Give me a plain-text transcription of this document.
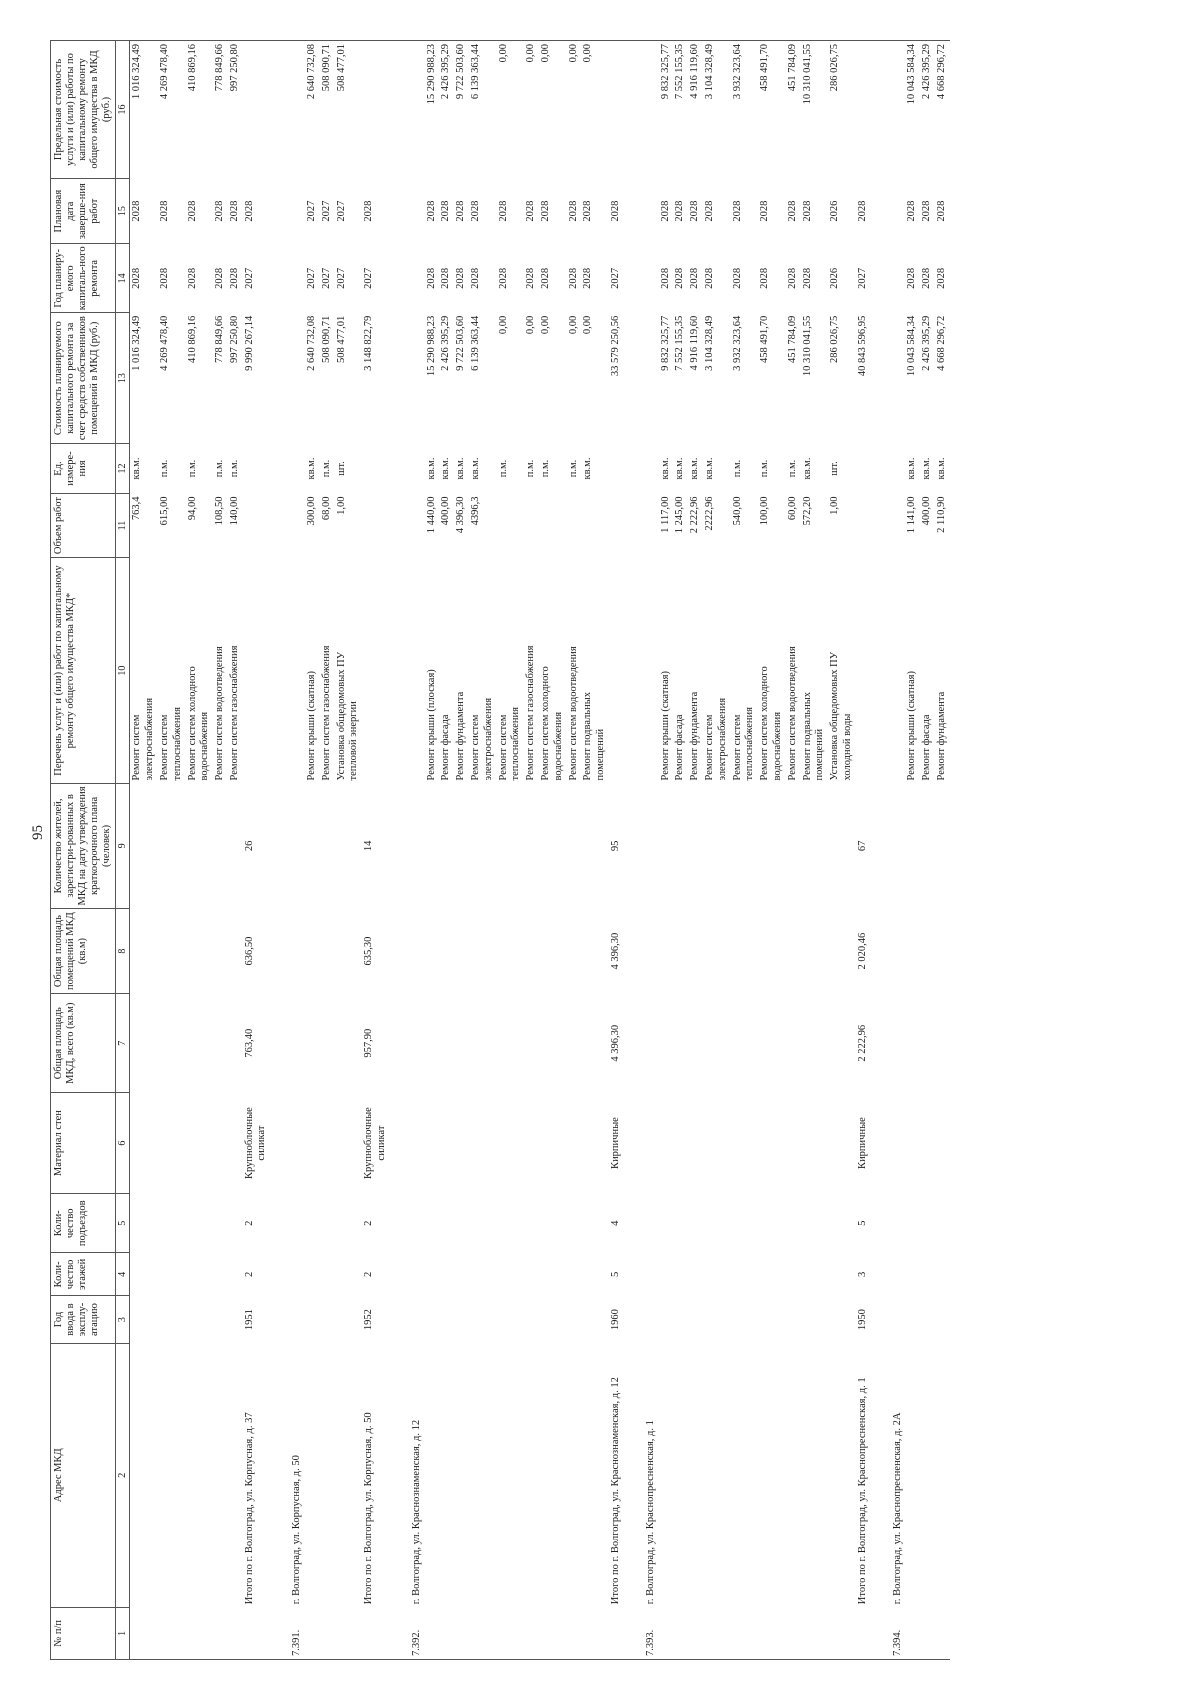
95
№ п/п	Адрес МКД	Год ввода в эксплу-атацию	Коли-чество этажей	Коли-чество подъездов	Материал стен	Общая площадь МКД, всего (кв.м)	Общая площадь помещений МКД (кв.м)	Количество жителей, зарегистри-рованных в МКД на дату утверждения краткосрочного плана (человек)	Перечень услуг и (или) работ по капитальному ремонту общего имущества МКД*	Объем работ	Ед. измере-ния	Стоимость планируемого капитального ремонта за счет средств собственников помещений в МКД (руб.)	Год планиру-емого капиталь-ного ремонта	Плановая дата заверше-ния работ	Предельная стоимость услуги и (или) работы по капитальному ремонту общего имущества в МКД (руб.)
1	2	3	4	5	6	7	8	9	10	11	12	13	14	15	16
									Ремонт систем
электроснабжения	763,4	кв.м.	1 016 324,49	2028	2028	1 016 324,49
									Ремонт систем
теплоснабжения	615,00	п.м.	4 269 478,40	2028	2028	4 269 478,40
									Ремонт систем холодного
водоснабжения	94,00	п.м.	410 869,16	2028	2028	410 869,16
									Ремонт систем водоотведения	108,50	п.м.	778 849,66	2028	2028	778 849,66
									Ремонт систем газоснабжения	140,00	п.м.	997 250,80	2028	2028	997 250,80
	Итого по г. Волгоград, ул. Корпусная, д. 37	1951	2	2	Крупноблочные силикат	763,40	636,50	26				9 990 267,14	2027	2028	
7.391.	г. Волгоград, ул. Корпусная, д. 50														
									Ремонт крыши (скатная)	300,00	кв.м.	2 640 732,08	2027	2027	2 640 732,08
									Ремонт систем газоснабжения	68,00	п.м.	508 090,71	2027	2027	508 090,71
									Установка общедомовых ПУ
тепловой энергии	1,00	шт.	508 477,01	2027	2027	508 477,01
	Итого по г. Волгоград, ул. Корпусная, д. 50	1952	2	2	Крупноблочные силикат	957,90	635,30	14				3 148 822,79	2027	2028	
7.392.	г. Волгоград, ул. Краснознаменская, д. 12														
									Ремонт крыши (плоская)	1 440,00	кв.м.	15 290 988,23	2028	2028	15 290 988,23
									Ремонт фасада	400,00	кв.м.	2 426 395,29	2028	2028	2 426 395,29
									Ремонт фундамента	4 396,30	кв.м.	9 722 503,60	2028	2028	9 722 503,60
									Ремонт систем
электроснабжения	4396,3	кв.м.	6 139 363,44	2028	2028	6 139 363,44
									Ремонт систем
теплоснабжения		п.м.	0,00	2028	2028	0,00
									Ремонт систем газоснабжения		п.м.	0,00	2028	2028	0,00
									Ремонт систем холодного
водоснабжения		п.м.	0,00	2028	2028	0,00
									Ремонт систем водоотведения		п.м.	0,00	2028	2028	0,00
									Ремонт подвальных
помещений		кв.м.	0,00	2028	2028	0,00
	Итого по г. Волгоград, ул. Краснознаменская, д. 12	1960	5	4	Кирпичные	4 396,30	4 396,30	95				33 579 250,56	2027	2028	
7.393.	г. Волгоград, ул. Краснопресненская, д. 1														
									Ремонт крыши (скатная)	1 117,00	кв.м.	9 832 325,77	2028	2028	9 832 325,77
									Ремонт фасада	1 245,00	кв.м.	7 552 155,35	2028	2028	7 552 155,35
									Ремонт фундамента	2 222,96	кв.м.	4 916 119,60	2028	2028	4 916 119,60
									Ремонт систем
электроснабжения	2222,96	кв.м.	3 104 328,49	2028	2028	3 104 328,49
									Ремонт систем
теплоснабжения	540,00	п.м.	3 932 323,64	2028	2028	3 932 323,64
									Ремонт систем холодного
водоснабжения	100,00	п.м.	458 491,70	2028	2028	458 491,70
									Ремонт систем водоотведения	60,00	п.м.	451 784,09	2028	2028	451 784,09
									Ремонт подвальных
помещений	572,20	кв.м.	10 310 041,55	2028	2028	10 310 041,55
									Установка общедомовых ПУ
холодной воды	1,00	шт.	286 026,75	2026	2026	286 026,75
	Итого по г. Волгоград, ул. Краснопресненская, д. 1	1950	3	5	Кирпичные	2 222,96	2 020,46	67				40 843 596,95	2027	2028	
7.394.	г. Волгоград, ул. Краснопресненская, д. 2А														
									Ремонт крыши (скатная)	1 141,00	кв.м.	10 043 584,34	2028	2028	10 043 584,34
									Ремонт фасада	400,00	кв.м.	2 426 395,29	2028	2028	2 426 395,29
									Ремонт фундамента	2 110,90	кв.м.	4 668 296,72	2028	2028	4 668 296,72
